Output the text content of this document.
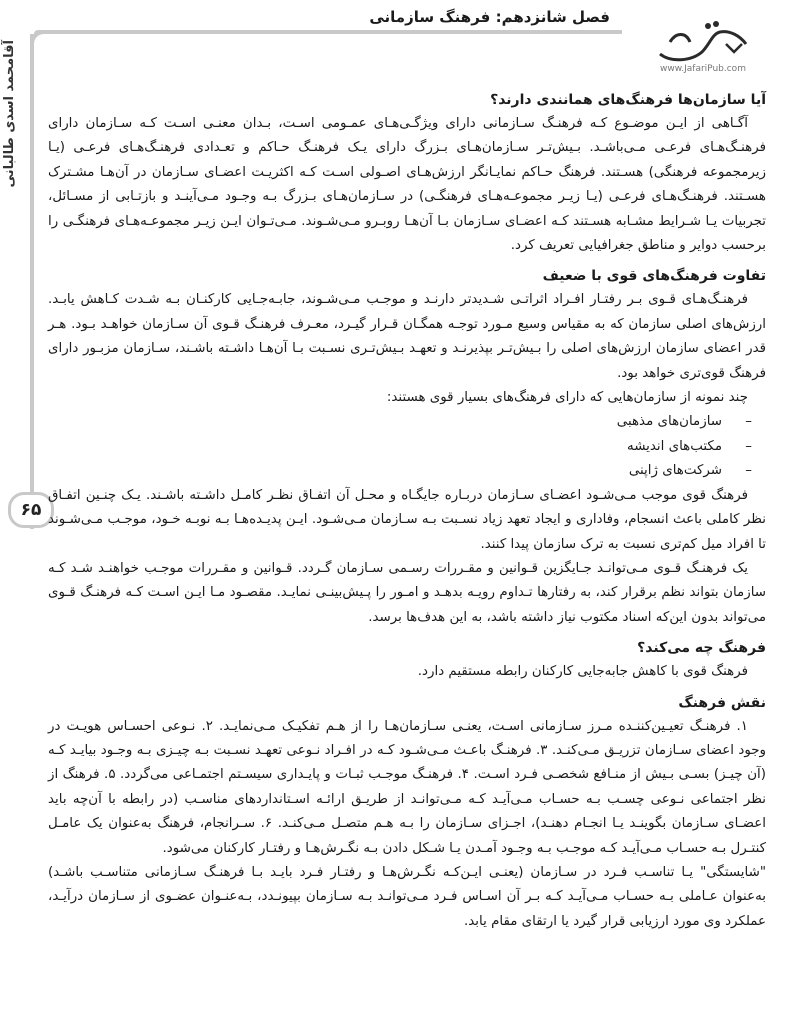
فصل شانزدهم: فرهنگ سازمانی
www.JafariPub.com
آقامحمد اسدی طالبانی
۶۵
آیا سازمان‌ها فرهنگ‌های همانندی دارند؟

آگـاهی از ایـن موضـوع کـه فرهنـگ سـازمانی دارای ویژگـی‌هـای عمـومی اسـت، بـدان معنـی اسـت کـه سـازمان دارای فرهنـگ‌هـای فرعـی مـی‌باشـد. بـیش‌تـر سـازمان‌هـای بـزرگ دارای یـک فرهنـگ حـاکم و تعـدادی فرهنـگ‌هـای فرعـی (یـا زیرمجموعه فرهنگی) هسـتند. فرهنگ حـاکم نمایـانگر ارزش‌هـای اصـولی اسـت کـه اکثریـت اعضـای سـازمان در آن‌هـا مشـترک هسـتند. فرهنـگ‌هـای فرعـی (یـا زیـر مجموعـه‌هـای فرهنگـی) در سـازمان‌هـای بـزرگ بـه وجـود مـی‌آینـد و بازتـابی از مسـائل، تجربیات یـا شـرایط مشـابه هسـتند کـه اعضـای سـازمان بـا آن‌هـا روبـرو مـی‌شـوند. مـی‌تـوان ایـن زیـر مجموعـه‌هـای فرهنگـی را برحسب دوایر و مناطق جغرافیایی تعریف کرد.

تفاوت فرهنگ‌های قوی با ضعیف

فرهنـگ‌هـای قـوی بـر رفتـار افـراد اثراتـی شـدیدتر دارنـد و موجـب مـی‌شـوند، جابـه‌جـایی کارکنـان بـه شـدت کـاهش یابـد. ارزش‌های اصلی سازمان که به مقیاس وسیع مـورد توجـه همگـان قـرار گیـرد، معـرف فرهنـگ قـوی آن سـازمان خواهـد بـود. هـر قدر اعضای سازمان ارزش‌های اصلی را بـیش‌تـر بپذیرنـد و تعهـد بـیش‌تـری نسـبت بـا آن‌هـا داشـته باشـند، سـازمان مزبـور دارای فرهنگ قوی‌تری خواهد بود.

چند نمونه از سازمان‌هایی که دارای فرهنگ‌های بسیار قوی هستند:

–سازمان‌های مذهبی

–مکتب‌های اندیشه

–شرکت‌های ژاپنی

فرهنگ قوی موجب مـی‌شـود اعضـای سـازمان دربـاره جایگـاه و محـل آن اتفـاق نظـر کامـل داشـته باشـند. یـک چنـین اتفـاق نظر کاملی باعث انسجام، وفاداری و ایجاد تعهد زیاد نسـبت بـه سـازمان مـی‌شـود. ایـن پدیـده‌هـا بـه نوبـه خـود، موجـب مـی‌شـوند تا افراد میل کم‌تری نسبت به ترک سازمان پیدا کنند.

یک فرهنـگ قـوی مـی‌توانـد جـایگزین قـوانین و مقـررات رسـمی سـازمان گـردد. قـوانین و مقـررات موجـب خواهنـد شـد کـه سازمان بتواند نظم برقرار کند، به رفتارها تـداوم رویـه بدهـد و امـور را پـیش‌بینـی نمایـد. مقصـود مـا ایـن اسـت کـه فرهنـگ قـوی می‌تواند بدون این‌که اسناد مکتوب نیاز داشته باشد، به این هدف‌ها برسد.

فرهنگ چه می‌کند؟

فرهنگ قوی با کاهش جابه‌جایی کارکنان رابطه مستقیم دارد.

نقش فرهنگ

۱. فرهنـگ تعیـین‌کننـده مـرز سـازمانی اسـت، یعنـی سـازمان‌هـا را از هـم تفکیـک مـی‌نمایـد. ۲. نـوعی احسـاس هویـت در وجود اعضای سـازمان تزریـق مـی‌کنـد. ۳. فرهنـگ باعـث مـی‌شـود کـه در افـراد نـوعی تعهـد نسـبت بـه چیـزی بـه وجـود بیایـد کـه (آن چیـز) بسـی بـیش از منـافع شخصـی فـرد اسـت. ۴. فرهنـگ موجـب ثبـات و پایـداری سیسـتم اجتمـاعی می‌گردد. ۵. فرهنگ از نظر اجتماعی نـوعی چسـب بـه حسـاب مـی‌آیـد کـه مـی‌توانـد از طریـق ارائـه اسـتانداردهای مناسـب (در رابطه با آن‌چه باید اعضـای سـازمان بگوینـد یـا انجـام دهنـد)، اجـزای سـازمان را بـه هـم متصـل مـی‌کنـد. ۶. سـرانجام، فرهنگ به‌عنوان یک عامـل کنتـرل بـه حسـاب مـی‌آیـد کـه موجـب بـه وجـود آمـدن یـا شـکل دادن بـه نگـرش‌هـا و رفتـار کارکنان می‌شود.

"شایستگی" یـا تناسـب فـرد در سـازمان (یعنـی ایـن‌کـه نگـرش‌هـا و رفتـار فـرد بایـد بـا فرهنـگ سـازمانی متناسـب باشـد) به‌عنوان عـاملی بـه حسـاب مـی‌آیـد کـه بـر آن اسـاس فـرد مـی‌توانـد بـه سـازمان بپیونـدد، بـه‌عنـوان عضـوی از سـازمان درآیـد، عملکرد وی مورد ارزیابی قرار گیرد یا ارتقای مقام یابد.
